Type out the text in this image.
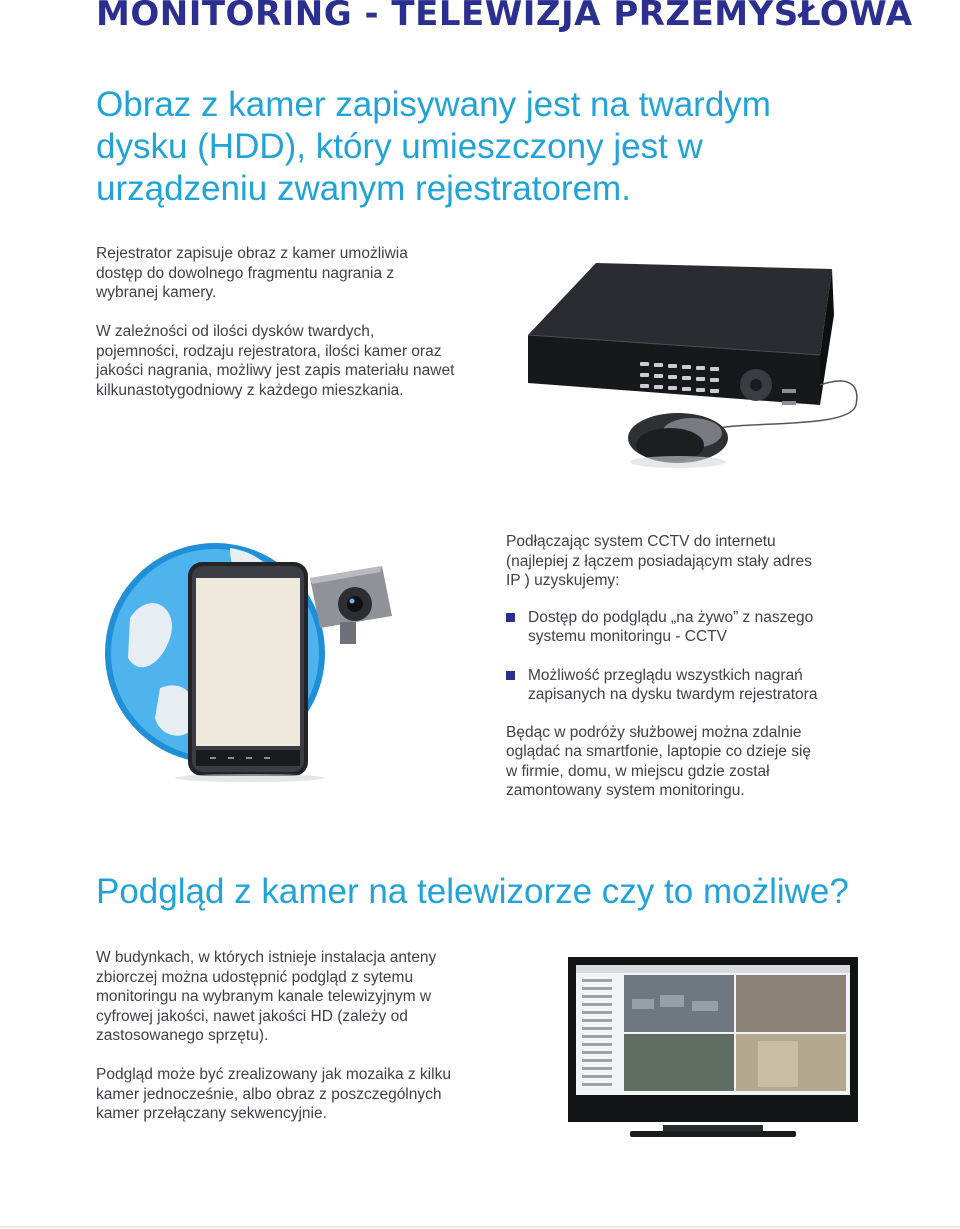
MONITORING - TELEWIZJA PRZEMYSŁOWA
Obraz z kamer zapisywany jest na twardym dysku (HDD), który umieszczony jest w urządzeniu zwanym rejestratorem.
Rejestrator zapisuje obraz z kamer umożliwia dostęp do dowolnego fragmentu nagrania z wybranej kamery.
W zależności od ilości dysków twardych, pojemności, rodzaju rejestratora, ilości kamer oraz jakości nagrania, możliwy jest zapis materiału nawet kilkunastotygodniowy z każdego mieszkania.

Podłączając system CCTV do internetu (najlepiej z łączem posiadającym stały adres IP ) uzyskujemy:

Dostęp do podglądu „na żywo” z naszego systemu monitoringu - CCTV
Możliwość przeglądu wszystkich nagrań zapisanych na dysku twardym rejestratora

Będąc w podróży służbowej można zdalnie oglądać na smartfonie, laptopie co dzieje się w firmie, domu, w miejscu gdzie został zamontowany system monitoringu.

Podgląd z kamer na telewizorze czy to możliwe?
W budynkach, w których istnieje instalacja anteny zbiorczej można udostępnić podgląd z sytemu monitoringu na wybranym kanale telewizyjnym w cyfrowej jakości, nawet jakości HD (zależy od zastosowanego sprzętu).
Podgląd może być zrealizowany jak mozaika z kilku kamer jednocześnie, albo obraz z poszczególnych kamer przełączany sekwencyjnie.
